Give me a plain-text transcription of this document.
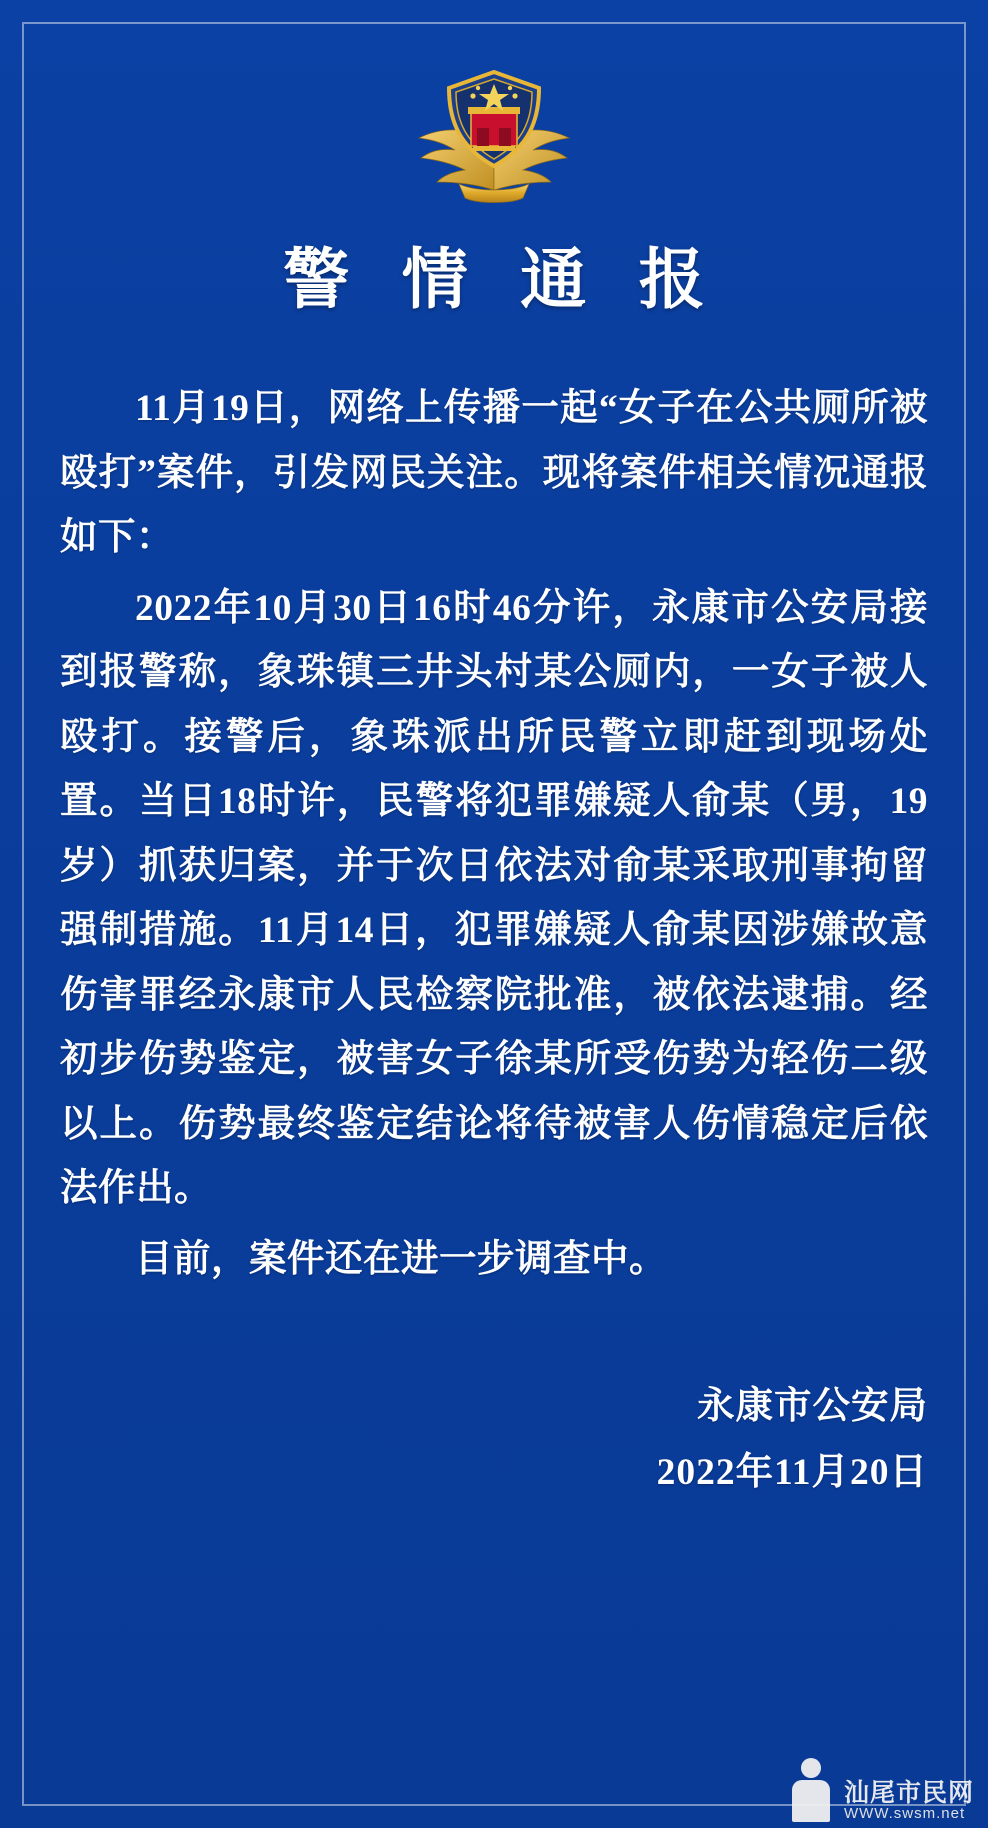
警 情 通 报

11月19日，网络上传播一起“女子在公共厕所被殴打”案件，引发网民关注。现将案件相关情况通报如下：

2022年10月30日16时46分许，永康市公安局接到报警称，象珠镇三井头村某公厕内，一女子被人殴打。接警后，象珠派出所民警立即赶到现场处置。当日18时许，民警将犯罪嫌疑人俞某（男，19岁）抓获归案，并于次日依法对俞某采取刑事拘留强制措施。11月14日，犯罪嫌疑人俞某因涉嫌故意伤害罪经永康市人民检察院批准，被依法逮捕。经初步伤势鉴定，被害女子徐某所受伤势为轻伤二级以上。伤势最终鉴定结论将待被害人伤情稳定后依法作出。

目前，案件还在进一步调查中。

永康市公安局
2022年11月20日
汕尾市民网
WWW.swsm.net
